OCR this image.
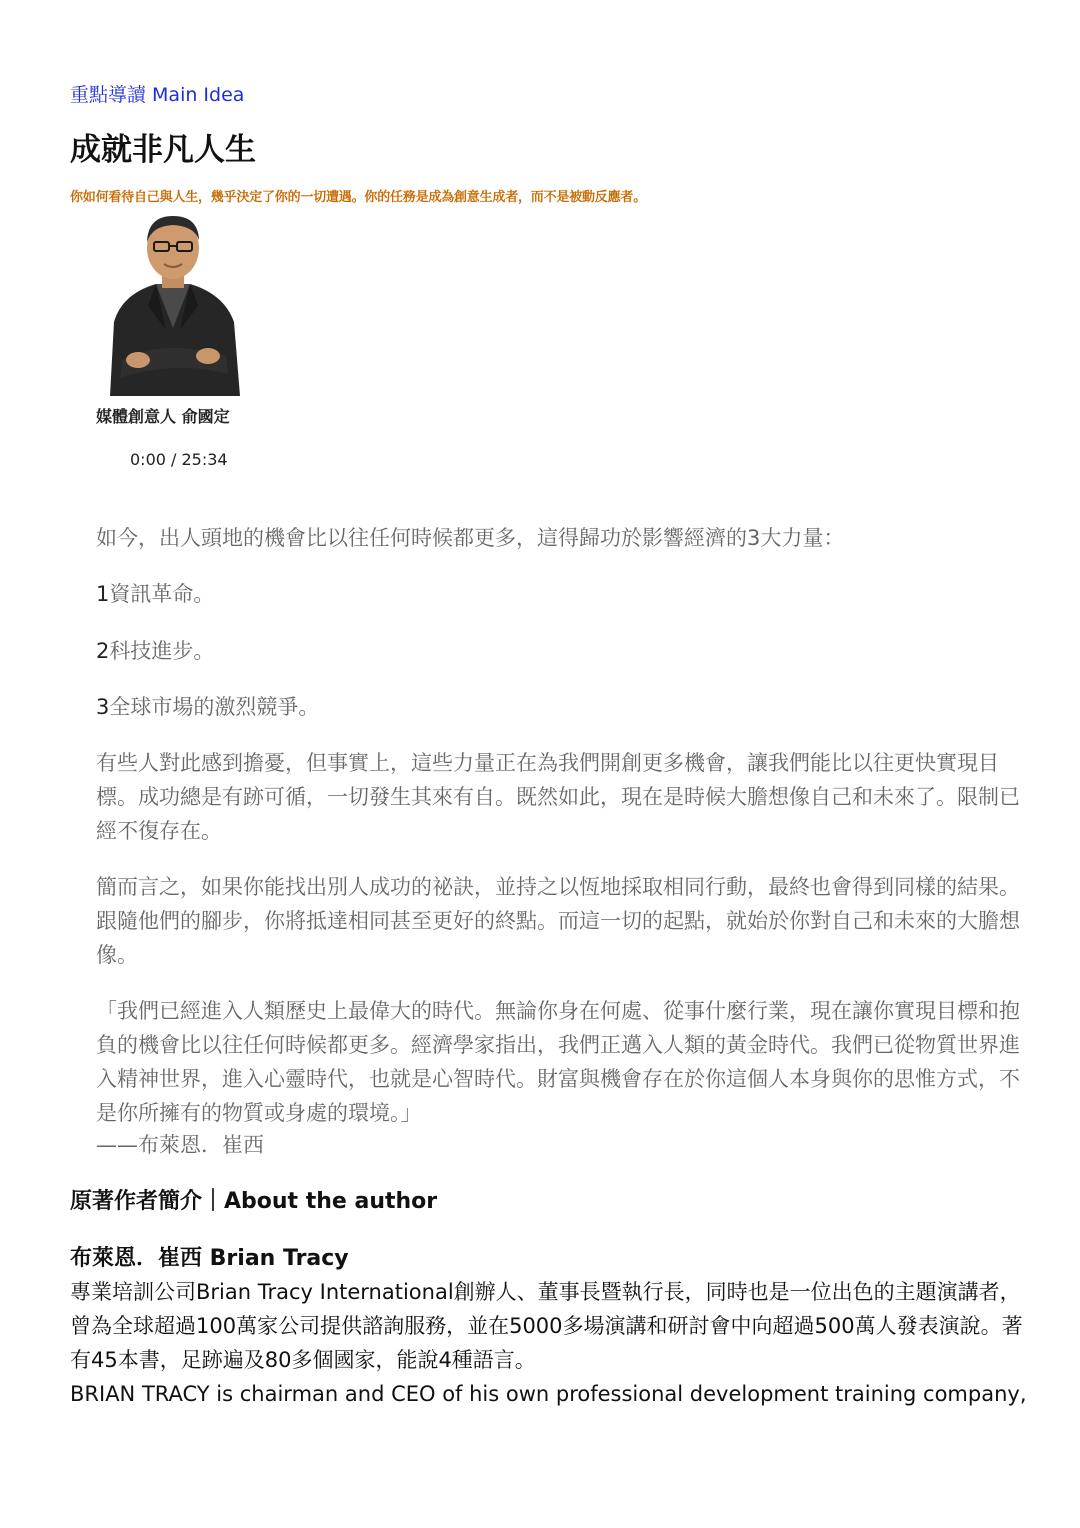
重點導讀 Main Idea

成就非凡人生

你如何看待自己與人生，幾乎決定了你的一切遭遇。你的任務是成為創意生成者，而不是被動反應者。

媒體創意人 俞國定

0:00 / 25:34

如今，出人頭地的機會比以往任何時候都更多，這得歸功於影響經濟的3大力量：

1資訊革命。

2科技進步。

3全球市場的激烈競爭。

有些人對此感到擔憂，但事實上，這些力量正在為我們開創更多機會，讓我們能比以往更快實現目標。成功總是有跡可循，一切發生其來有自。既然如此，現在是時候大膽想像自己和未來了。限制已經不復存在。

簡而言之，如果你能找出別人成功的祕訣，並持之以恆地採取相同行動，最終也會得到同樣的結果。跟隨他們的腳步，你將抵達相同甚至更好的終點。而這一切的起點，就始於你對自己和未來的大膽想像。

「我們已經進入人類歷史上最偉大的時代。無論你身在何處、從事什麼行業，現在讓你實現目標和抱負的機會比以往任何時候都更多。經濟學家指出，我們正邁入人類的黃金時代。我們已從物質世界進入精神世界，進入心靈時代，也就是心智時代。財富與機會存在於你這個人本身與你的思惟方式，不是你所擁有的物質或身處的環境。」

——布萊恩．崔西

原著作者簡介｜About the author
布萊恩．崔西 Brian Tracy

專業培訓公司Brian Tracy International創辦人、董事長暨執行長，同時也是一位出色的主題演講者，曾為全球超過100萬家公司提供諮詢服務，並在5000多場演講和研討會中向超過500萬人發表演說。著有45本書，足跡遍及80多個國家，能說4種語言。

BRIAN TRACY is chairman and CEO of his own professional development training company,
